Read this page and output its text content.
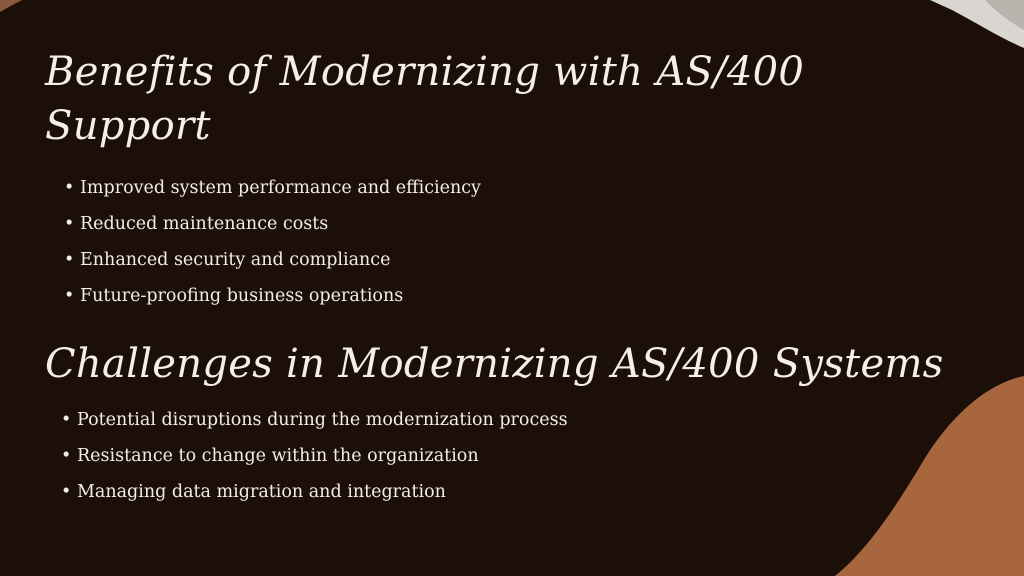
Benefits of Modernizing with AS/400 Support
• Improved system performance and efficiency
• Reduced maintenance costs
• Enhanced security and compliance
• Future-proofing business operations
Challenges in Modernizing AS/400 Systems
• Potential disruptions during the modernization process
• Resistance to change within the organization
• Managing data migration and integration
